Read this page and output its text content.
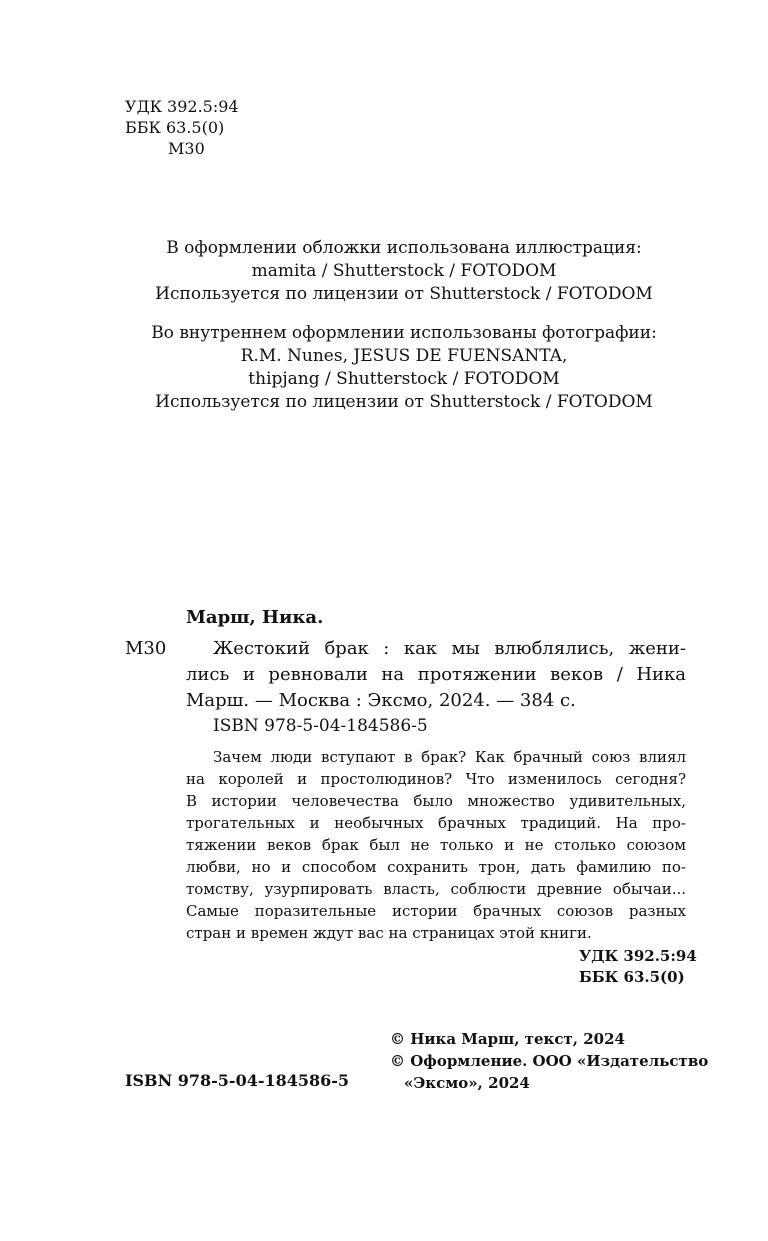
УДК 392.5:94
ББК 63.5(0)
М30
В оформлении обложки использована иллюстрация:
mamita / Shutterstock / FOTODOM
Используется по лицензии от Shutterstock / FOTODOM
Во внутреннем оформлении использованы фотографии:
R.M. Nunes, JESUS DE FUENSANTA,
thipjang / Shutterstock / FOTODOM
Используется по лицензии от Shutterstock / FOTODOM
Марш, Ника.
М30	Жестокий брак : как мы влюблялись, жени-
лись и ревновали на протяжении веков / Ника
Марш. — Москва : Эксмо, 2024. — 384 с.
ISBN 978-5-04-184586-5
Зачем люди вступают в брак? Как брачный союз влиял
на королей и простолюдинов? Что изменилось сегодня?
В истории человечества было множество удивительных,
трогательных и необычных брачных традиций. На про-
тяжении веков брак был не только и не столько союзом
любви, но и способом сохранить трон, дать фамилию по-
томству, узурпировать власть, соблюсти древние обычаи...
Самые поразительные истории брачных союзов разных
стран и времен ждут вас на страницах этой книги.
УДК 392.5:94
ББК 63.5(0)
ISBN 978-5-04-184586-5
© Ника Марш, текст, 2024
© Оформление. ООО «Издательство
«Эксмо», 2024
